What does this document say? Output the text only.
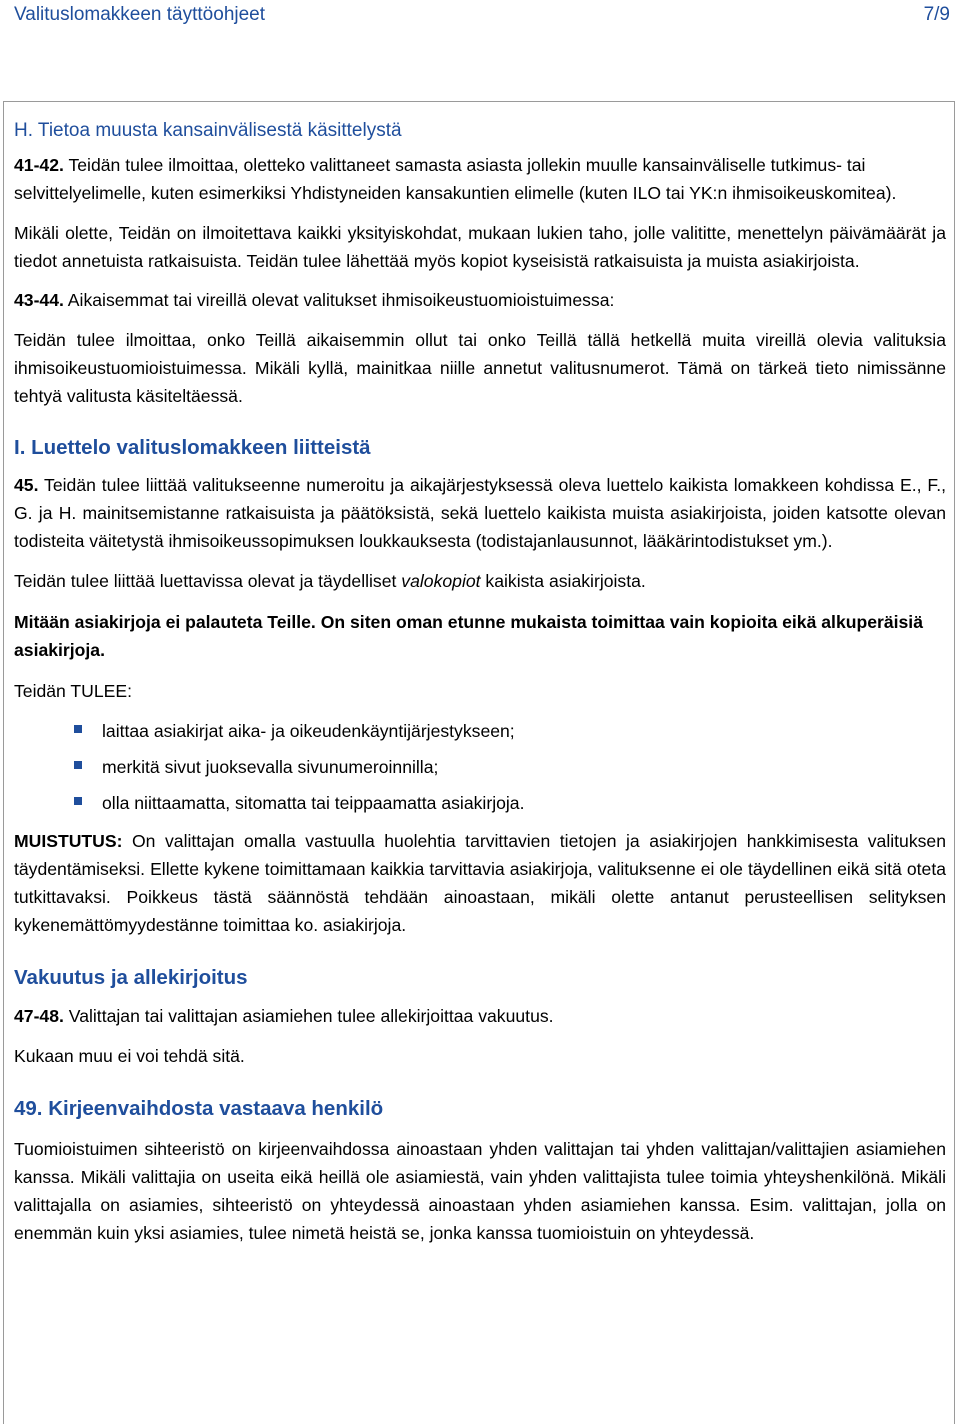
Valituslomakkeen täyttöohjeet	7/9
H. Tietoa muusta kansainvälisestä käsittelystä

41-42. Teidän tulee ilmoittaa, oletteko valittaneet samasta asiasta jollekin muulle kansainväliselle tutkimus- tai selvittelyelimelle, kuten esimerkiksi Yhdistyneiden kansakuntien elimelle (kuten ILO tai YK:n ihmisoikeuskomitea).

Mikäli olette, Teidän on ilmoitettava kaikki yksityiskohdat, mukaan lukien taho, jolle valititte, menettelyn päivämäärät ja tiedot annetuista ratkaisuista. Teidän tulee lähettää myös kopiot kyseisistä ratkaisuista ja muista asiakirjoista.

43-44. Aikaisemmat tai vireillä olevat valitukset ihmisoikeustuomioistuimessa:

Teidän tulee ilmoittaa, onko Teillä aikaisemmin ollut tai onko Teillä tällä hetkellä muita vireillä olevia valituksia ihmisoikeustuomioistuimessa. Mikäli kyllä, mainitkaa niille annetut valitusnumerot. Tämä on tärkeä tieto nimissänne tehtyä valitusta käsiteltäessä.

I. Luettelo valituslomakkeen liitteistä

45. Teidän tulee liittää valitukseenne numeroitu ja aikajärjestyksessä oleva luettelo kaikista lomakkeen kohdissa E., F., G. ja H. mainitsemistanne ratkaisuista ja päätöksistä, sekä luettelo kaikista muista asiakirjoista, joiden katsotte olevan todisteita väitetystä ihmisoikeussopimuksen loukkauksesta (todistajanlausunnot, lääkärintodistukset ym.).

Teidän tulee liittää luettavissa olevat ja täydelliset valokopiot kaikista asiakirjoista.

Mitään asiakirjoja ei palauteta Teille. On siten oman etunne mukaista toimittaa vain kopioita eikä alkuperäisiä asiakirjoja.

Teidän TULEE:

laittaa asiakirjat aika- ja oikeudenkäyntijärjestykseen;
merkitä sivut juoksevalla sivunumeroinnilla;
olla niittaamatta, sitomatta tai teippaamatta asiakirjoja.

MUISTUTUS: On valittajan omalla vastuulla huolehtia tarvittavien tietojen ja asiakirjojen hankkimisesta valituksen täydentämiseksi. Ellette kykene toimittamaan kaikkia tarvittavia asiakirjoja, valituksenne ei ole täydellinen eikä sitä oteta tutkittavaksi. Poikkeus tästä säännöstä tehdään ainoastaan, mikäli olette antanut perusteellisen selityksen kykenemättömyydestänne toimittaa ko. asiakirjoja.

Vakuutus ja allekirjoitus

47-48. Valittajan tai valittajan asiamiehen tulee allekirjoittaa vakuutus.

Kukaan muu ei voi tehdä sitä.

49. Kirjeenvaihdosta vastaava henkilö

Tuomioistuimen sihteeristö on kirjeenvaihdossa ainoastaan yhden valittajan tai yhden valittajan/valittajien asiamiehen kanssa. Mikäli valittajia on useita eikä heillä ole asiamiestä, vain yhden valittajista tulee toimia yhteyshenkilönä. Mikäli valittajalla on asiamies, sihteeristö on yhteydessä ainoastaan yhden asiamiehen kanssa. Esim. valittajan, jolla on enemmän kuin yksi asiamies, tulee nimetä heistä se, jonka kanssa tuomioistuin on yhteydessä.
